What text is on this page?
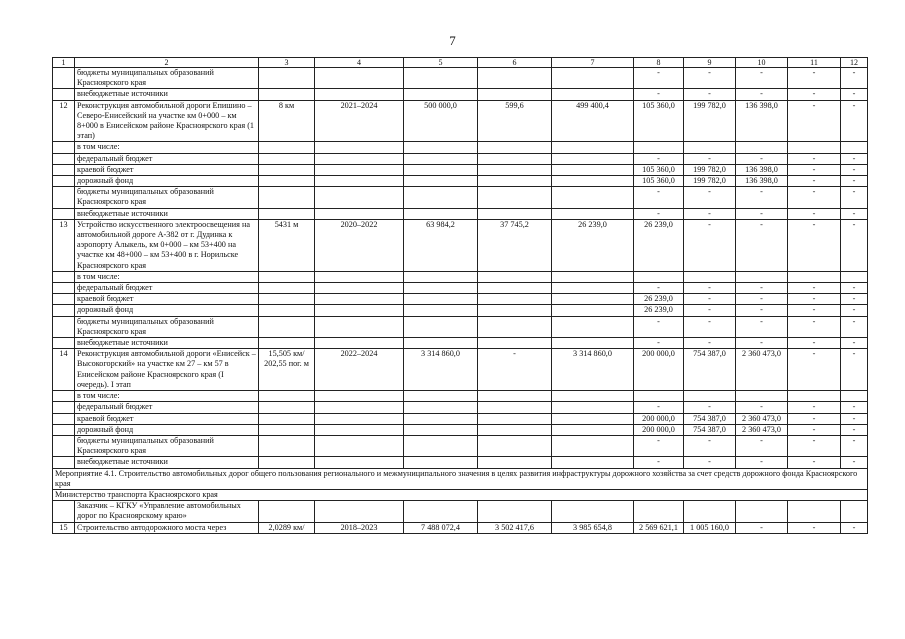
7
1	2	3	4	5	6	7	8	9	10	11	12
	бюджеты муниципальных образований Красноярского края						-	-	-	-	-
	внебюджетные источники						-	-	-	-	-
12	Реконструкция автомобильной дороги Епишино – Северо-Енисейский на участке км 0+000 – км 8+000 в Енисейском районе Красноярского края (1 этап)	8 км	2021–2024	500 000,0	599,6	499 400,4	105 360,0	199 782,0	136 398,0	-	-
	в том числе:										
	федеральный бюджет						-	-	-	-	-
	краевой бюджет						105 360,0	199 782,0	136 398,0	-	-
	дорожный фонд						105 360,0	199 782,0	136 398,0	-	-
	бюджеты муниципальных образований Красноярского края						-	-	-	-	-
	внебюджетные источники						-	-	-	-	-
13	Устройство искусственного электроосвещения на автомобильной дороге А-382 от г. Дудинка к аэропорту Алыкель, км 0+000 – км 53+400 на участке км 48+000 – км 53+400 в г. Норильске Красноярского края	5431 м	2020–2022	63 984,2	37 745,2	26 239,0	26 239,0	-	-	-	-
	в том числе:										
	федеральный бюджет						-	-	-	-	-
	краевой бюджет						26 239,0	-	-	-	-
	дорожный фонд						26 239,0	-	-	-	-
	бюджеты муниципальных образований Красноярского края						-	-	-	-	-
	внебюджетные источники						-	-	-	-	-
14	Реконструкция автомобильной дороги «Енисейск – Высокогорский» на участке км 27 – км 57 в Енисейском районе Красноярского края (I очередь). I этап	15,505 км/ 202,55 пог. м	2022–2024	3 314 860,0	-	3 314 860,0	200 000,0	754 387,0	2 360 473,0	-	-
	в том числе:										
	федеральный бюджет						-	-	-	-	-
	краевой бюджет						200 000,0	754 387,0	2 360 473,0	-	-
	дорожный фонд						200 000,0	754 387,0	2 360 473,0	-	-
	бюджеты муниципальных образований Красноярского края						-	-	-	-	-
	внебюджетные источники						-	-	-	-	-
Мероприятие 4.1. Строительство автомобильных дорог общего пользования регионального и межмуниципального значения в целях развития инфраструктуры дорожного хозяйства за счет средств дорожного фонда Красноярского края											
Министерство транспорта Красноярского края											
	Заказчик – КГКУ «Управление автомобильных дорог по Красноярскому краю»										
15	Строительство автодорожного моста через	2,0289 км/	2018–2023	7 488 072,4	3 502 417,6	3 985 654,8	2 569 621,1	1 005 160,0	-	-	-
